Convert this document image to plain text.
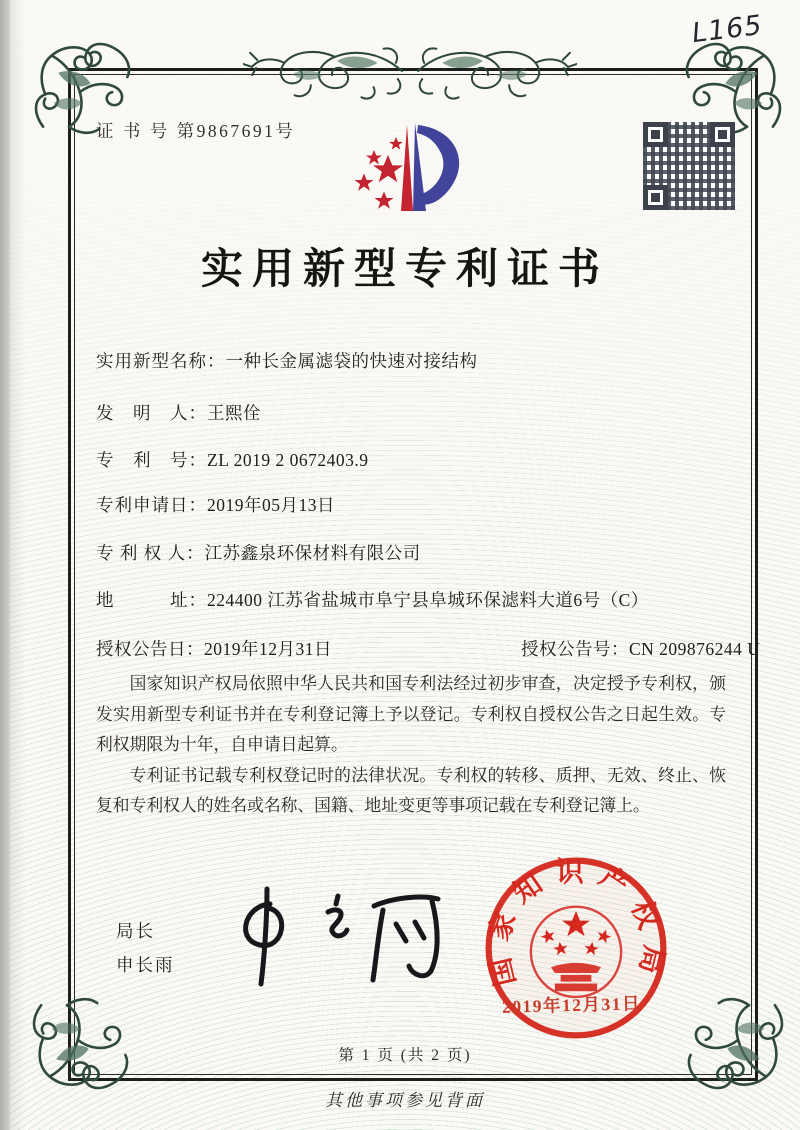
L165
证 书 号 第9867691号
实用新型专利证书
实用新型名称：一种长金属滤袋的快速对接结构
发　明　人：王熙佺
专　利　号：ZL 2019 2 0672403.9
专利申请日：2019年05月13日
专 利 权 人：江苏鑫泉环保材料有限公司
地　　　址：224400 江苏省盐城市阜宁县阜城环保滤料大道6号（C）
授权公告日：2019年12月31日	授权公告号：CN 209876244 U

国家知识产权局依照中华人民共和国专利法经过初步审查，决定授予专利权，颁发实用新型专利证书并在专利登记簿上予以登记。专利权自授权公告之日起生效。专利权期限为十年，自申请日起算。

专利证书记载专利权登记时的法律状况。专利权的转移、质押、无效、终止、恢复和专利权人的姓名或名称、国籍、地址变更等事项记载在专利登记簿上。

局长
申长雨	国家知识产权局
2019年12月31日
第 1 页 (共 2 页)
其他事项参见背面
